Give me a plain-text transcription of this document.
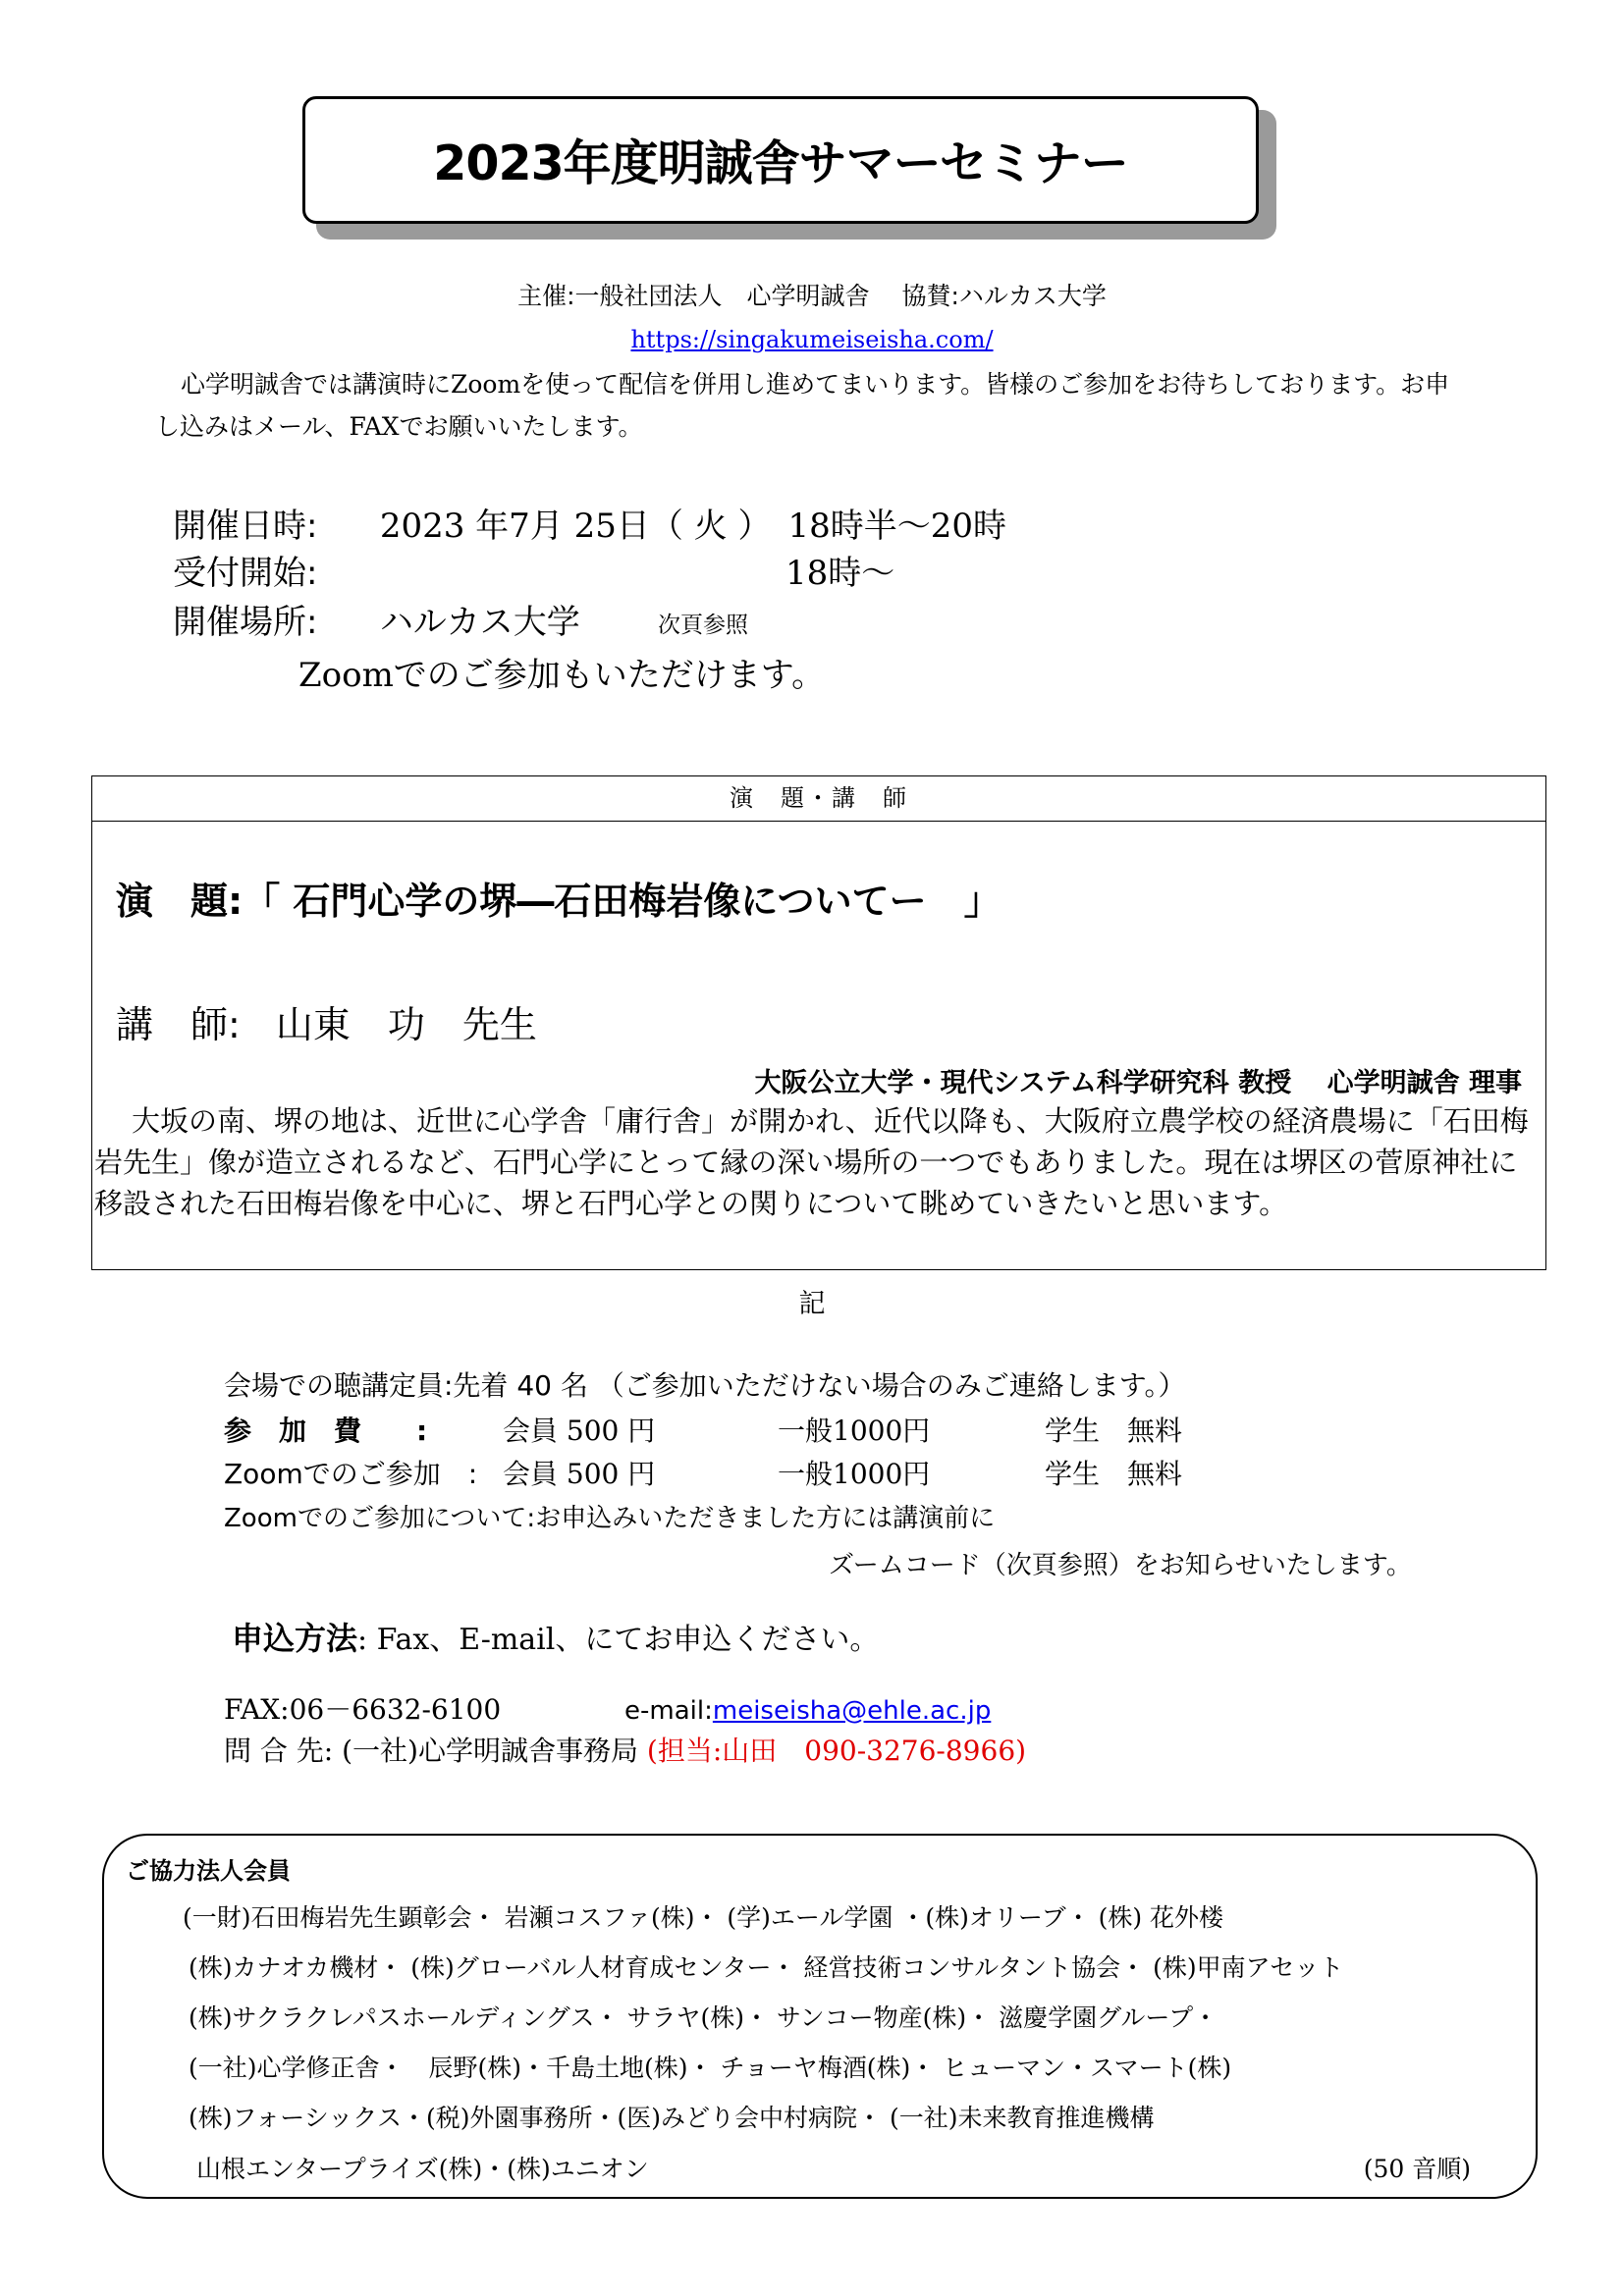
2023年度明誠舎サマーセミナー
主催:一般社団法人　心学明誠舎　 協賛:ハルカス大学
https://singakumeiseisha.com/
心学明誠舎では講演時にZoomを使って配信を併用し進めてまいります。皆様のご参加をお待ちしております。お申し込みはメール、FAXでお願いいたします。
開催日時: 2023 年7月 25日（ 火 ）　18時半～20時
受付開始:	18時～
開催場所: ハルカス大学	次頁参照
Zoomでのご参加もいただけます。
演　題・講　師
演　題:「 石門心学の堺―石田梅岩像についてー　」
講　師: 山東　功　先生
大阪公立大学・現代システム科学研究科 教授　 心学明誠舎 理事
大坂の南、堺の地は、近世に心学舎「庸行舎」が開かれ、近代以降も、大阪府立農学校の経済農場に「石田梅岩先生」像が造立されるなど、石門心学にとって縁の深い場所の一つでもありました。現在は堺区の菅原神社に移設された石田梅岩像を中心に、堺と石門心学との関りについて眺めていきたいと思います。
記
会場での聴講定員:先着 40 名 （ご参加いただけない場合のみご連絡します。）
参　加　費　　:	会員 500 円	一般1000円	学生　無料
Zoomでのご参加　: 会員 500 円	一般1000円	学生　無料
Zoomでのご参加について:お申込みいただきました方には講演前に
ズームコード（次頁参照）をお知らせいたします。
申込方法: Fax、E-mail、にてお申込ください。
FAX:06－6632-6100	e-mail:meiseisha@ehle.ac.jp
問 合 先: (一社)心学明誠舎事務局 (担当:山田　090-3276-8966)
ご協力法人会員
(一財)石田梅岩先生顕彰会・ 岩瀬コスファ(株)・ (学)エール学園 ・(株)オリーブ・ (株) 花外楼
(株)カナオカ機材・ (株)グローバル人材育成センター・ 経営技術コンサルタント協会・ (株)甲南アセット
(株)サクラクレパスホールディングス・ サラヤ(株)・ サンコー物産(株)・ 滋慶学園グループ・
(一社)心学修正舎・　辰野(株)・千島土地(株)・ チョーヤ梅酒(株)・ ヒューマン・スマート(株)
(株)フォーシックス・(税)外園事務所・(医)みどり会中村病院・ (一社)未来教育推進機構
山根エンタープライズ(株)・(株)ユニオン	(50 音順)
